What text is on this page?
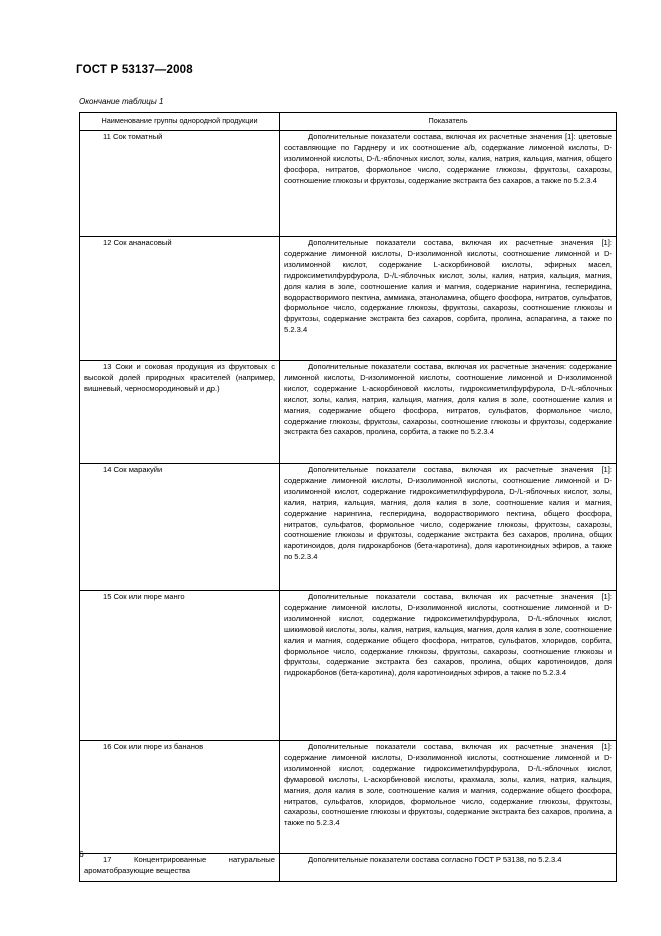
ГОСТ Р 53137—2008
Окончание таблицы 1
Наименование группы однородной продукции	Показатель
11 Сок томатный	Дополнительные показатели состава, включая их расчетные значения [1]: цветовые составляющие по Гарднеру и их соотношение a/b, содержание лимонной кислоты, D-изолимонной кислоты, D-/L-яблочных кислот, золы, калия, натрия, кальция, магния, общего фосфора, нитратов, формольное число, содержание глюкозы, фруктозы, сахарозы, соотношение глюкозы и фруктозы, содержание экстракта без сахаров, а также по 5.2.3.4
12 Сок ананасовый	Дополнительные показатели состава, включая их расчетные значения [1]: содержание лимонной кислоты, D-изолимонной кислоты, соотношение лимонной и D-изолимонной кислот, содержание L-аскорбиновой кислоты, эфирных масел, гидроксиметилфурфурола, D-/L-яблочных кислот, золы, калия, натрия, кальция, магния, доля калия в золе, соотношение калия и магния, содержание нарингина, гесперидина, водорастворимого пектина, аммиака, этаноламина, общего фосфора, нитратов, сульфатов, формольное число, содержание глюкозы, фруктозы, сахарозы, соотношение глюкозы и фруктозы, содержание экстракта без сахаров, сорбита, пролина, аспарагина, а также по 5.2.3.4
13 Соки и соковая продукция из фруктовых с высокой долей природных красителей (например, вишневый, черносмородиновый и др.)	Дополнительные показатели состава, включая их расчетные значения: содержание лимонной кислоты, D-изолимонной кислоты, соотношение лимонной и D-изолимонной кислот, содержание L-аскорбиновой кислоты, гидроксиметилфурфурола, D-/L-яблочных кислот, золы, калия, натрия, кальция, магния, доля калия в золе, соотношение калия и магния, содержание общего фосфора, нитратов, сульфатов, формольное число, содержание глюкозы, фруктозы, сахарозы, соотношение глюкозы и фруктозы, содержание экстракта без сахаров, пролина, сорбита, а также по 5.2.3.4
14 Сок маракуйи	Дополнительные показатели состава, включая их расчетные значения [1]: содержание лимонной кислоты, D-изолимонной кислоты, соотношение лимонной и D-изолимонной кислот, содержание гидроксиметилфурфурола, D-/L-яблочных кислот, золы, калия, натрия, кальция, магния, доля калия в золе, соотношение калия и магния, содержание нарингина, гесперидина, водорастворимого пектина, общего фосфора, нитратов, сульфатов, формольное число, содержание глюкозы, фруктозы, сахарозы, соотношение глюкозы и фруктозы, содержание экстракта без сахаров, пролина, общих каротиноидов, доля гидрокарбонов (бета-каротина), доля каротиноидных эфиров, а также по 5.2.3.4
15 Сок или пюре манго	Дополнительные показатели состава, включая их расчетные значения [1]: содержание лимонной кислоты, D-изолимонной кислоты, соотношение лимонной и D-изолимонной кислот, содержание гидроксиметилфурфурола, D-/L-яблочных кислот, шикимовой кислоты, золы, калия, натрия, кальция, магния, доля калия в золе, соотношение калия и магния, содержание общего фосфора, нитратов, сульфатов, хлоридов, сорбита, формольное число, содержание глюкозы, фруктозы, сахарозы, соотношение глюкозы и фруктозы, содержание экстракта без сахаров, пролина, общих каротиноидов, доля гидрокарбонов (бета-каротина), доля каротиноидных эфиров, а также по 5.2.3.4
16 Сок или пюре из бананов	Дополнительные показатели состава, включая их расчетные значения [1]: содержание лимонной кислоты, D-изолимонной кислоты, соотношение лимонной и D-изолимонной кислот, содержание гидроксиметилфурфурола, D-/L-яблочных кислот, фумаровой кислоты, L-аскорбиновой кислоты, крахмала, золы, калия, натрия, кальция, магния, доля калия в золе, соотношение калия и магния, содержание общего фосфора, нитратов, сульфатов, хлоридов, формольное число, содержание глюкозы, фруктозы, сахарозы, соотношение глюкозы и фруктозы, содержание экстракта без сахаров, пролина, а также по 5.2.3.4
17 Концентрированные натуральные ароматобразующие вещества	Дополнительные показатели состава согласно ГОСТ Р 53138, по 5.2.3.4
6
